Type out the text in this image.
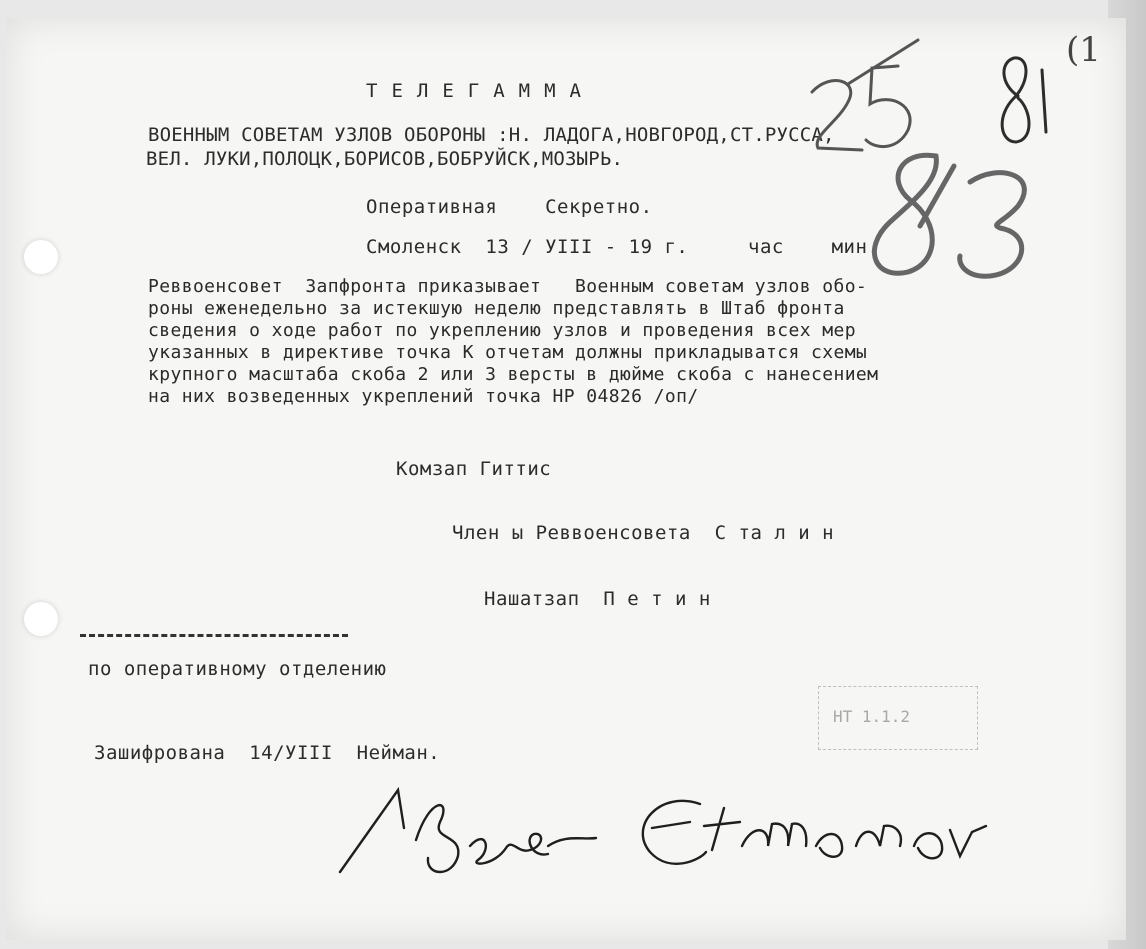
ТЕЛЕГАММА
ВОЕННЫМ СОВЕТАМ УЗЛОВ ОБОРОНЫ :Н. ЛАДОГА,НОВГОРОД,СТ.РУССА,
ВЕЛ. ЛУКИ,ПОЛОЦК,БОРИСОВ,БОБРУЙСК,МОЗЫРЬ.
Оперативная    Секретно.
Смоленск  13 / УIII - 19 г.     час    мин.
Реввоенсовет  Запфронта приказывает   Военным советам узлов обо-
роны еженедельно за истекшую неделю представлять в Штаб фронта
сведения о ходе работ по укреплению узлов и проведения всех мер
указанных в директиве точка К отчетам должны прикладыватся схемы
крупного масштаба скоба 2 или 3 версты в дюйме скоба с нанесением
на них возведенных укреплений точка НР 04826 /оп/
Комзап Гиттис
Член ы Реввоенсовета  С та л и н
Нашатзап  П е т и н
по оперативному отделению
НТ 1.1.2
Зашифрована  14/УIII  Нейман.
(1
